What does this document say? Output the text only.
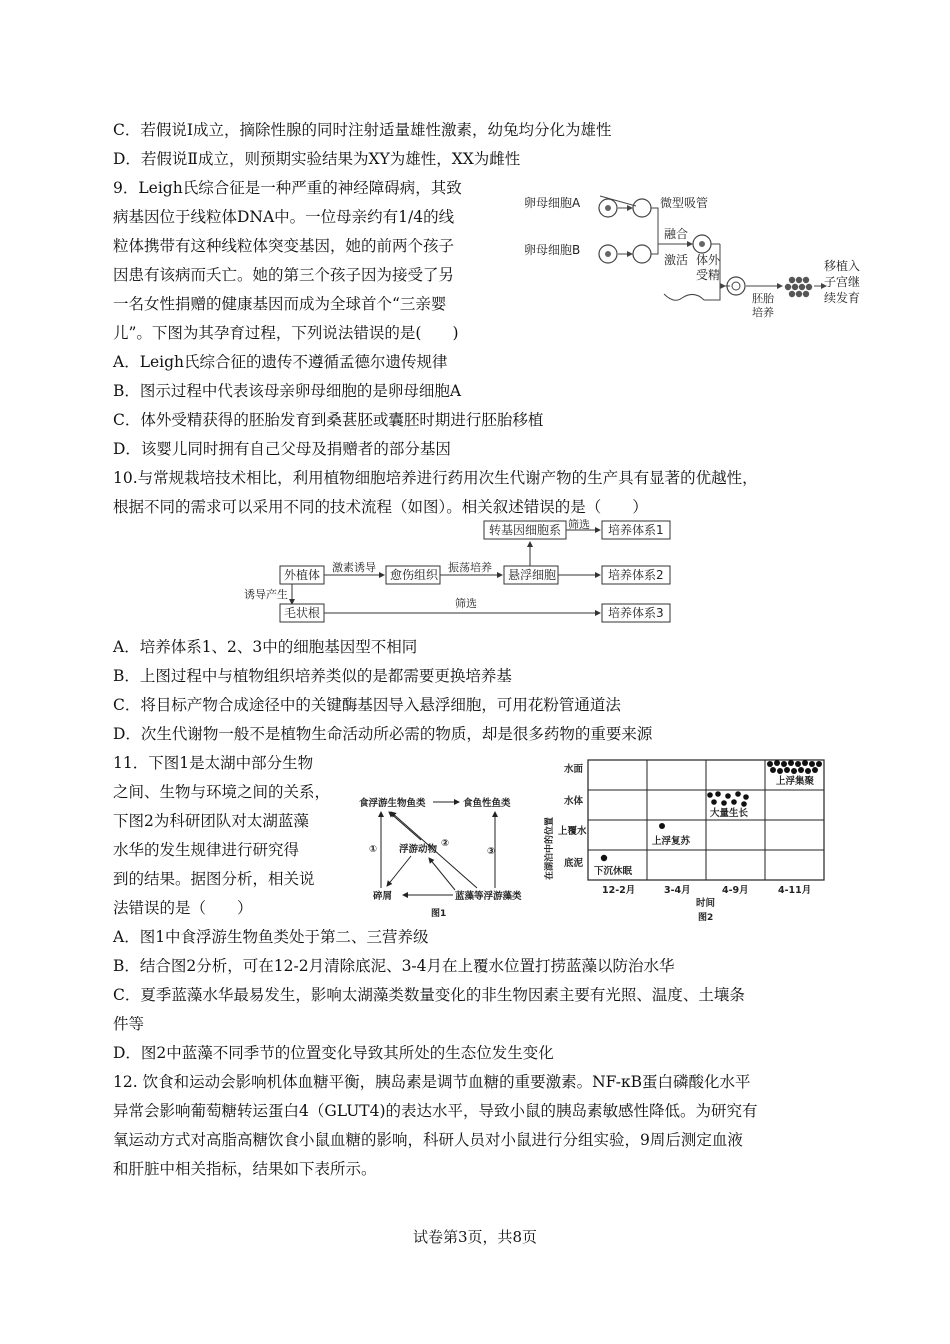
C．若假说Ⅰ成立，摘除性腺的同时注射适量雄性激素，幼兔均分化为雄性
D．若假说Ⅱ成立，则预期实验结果为XY为雄性，XX为雌性
9．Leigh氏综合征是一种严重的神经障碍病，其致
病基因位于线粒体DNA中。一位母亲约有1/4的线
粒体携带有这种线粒体突变基因，她的前两个孩子
因患有该病而夭亡。她的第三个孩子因为接受了另
一名女性捐赠的健康基因而成为全球首个“三亲婴
儿”。下图为其孕育过程，下列说法错误的是(　　)
A．Leigh氏综合征的遗传不遵循孟德尔遗传规律
B．图示过程中代表该母亲卵母细胞的是卵母细胞A
C．体外受精获得的胚胎发育到桑葚胚或囊胚时期进行胚胎移植
D．该婴儿同时拥有自己父母及捐赠者的部分基因
卵母细胞A
卵母细胞B
微型吸管
融合
激活 体外
受精
胚胎
培养
移植入
子宫继
续发育
10.与常规栽培技术相比，利用植物细胞培养进行药用次生代谢产物的生产具有显著的优越性，
根据不同的需求可以采用不同的技术流程（如图）。相关叙述错误的是（　　）
转基因细胞系 筛选 培养体系1
外植体
激素诱导
愈伤组织
振荡培养
悬浮细胞	培养体系2
诱导产生
毛状根
筛选
培养体系3
A．培养体系1、2、3中的细胞基因型不相同
B．上图过程中与植物组织培养类似的是都需要更换培养基
C．将目标产物合成途径中的关键酶基因导入悬浮细胞，可用花粉管通道法
D．次生代谢物一般不是植物生命活动所必需的物质，却是很多药物的重要来源
11．下图1是太湖中部分生物
之间、生物与环境之间的关系，
下图2为科研团队对太湖蓝藻
水华的发生规律进行研究得
到的结果。据图分析，相关说
法错误的是（　　）
食浮游生物鱼类	食鱼性鱼类
浮游动物
碎屑	蓝藻等浮游藻类
①
②
③
图1
在湖泊中的位置
水面
水体
上覆水
底泥
下沉休眠
上浮复苏
大量生长
上浮集聚
12-2月	3-4月	4-9月	4-11月
时间
图2
A．图1中食浮游生物鱼类处于第二、三营养级
B．结合图2分析，可在12-2月清除底泥、3-4月在上覆水位置打捞蓝藻以防治水华
C．夏季蓝藻水华最易发生，影响太湖藻类数量变化的非生物因素主要有光照、温度、土壤条
件等
D．图2中蓝藻不同季节的位置变化导致其所处的生态位发生变化
12. 饮食和运动会影响机体血糖平衡，胰岛素是调节血糖的重要激素。NF-κB蛋白磷酸化水平
异常会影响葡萄糖转运蛋白4（GLUT4)的表达水平，导致小鼠的胰岛素敏感性降低。为研究有
氧运动方式对高脂高糖饮食小鼠血糖的影响，科研人员对小鼠进行分组实验，9周后测定血液
和肝脏中相关指标，结果如下表所示。
试卷第3页，共8页
